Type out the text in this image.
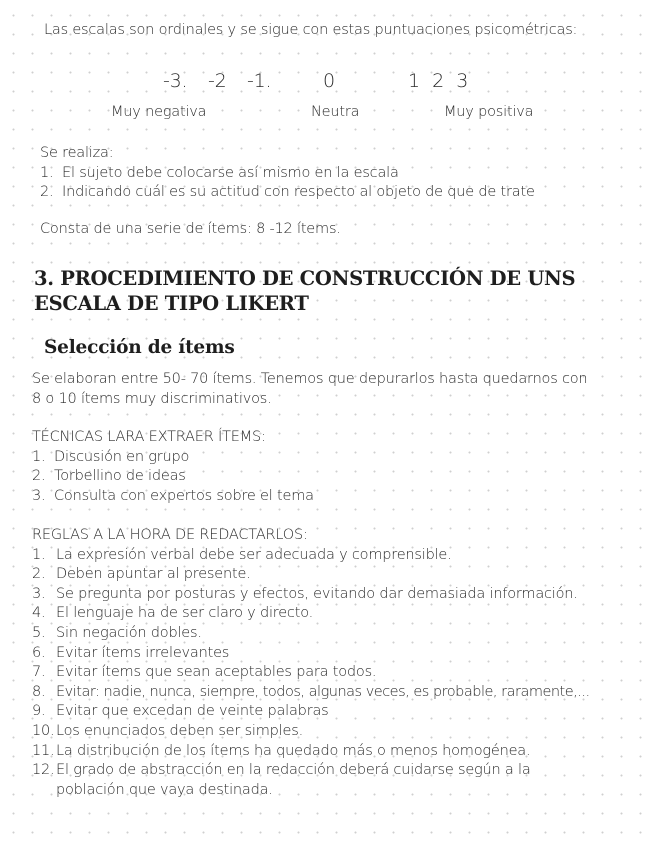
Las escalas son ordinales y se sigue con estas puntuaciones psicométricas:
-3. -2 -1.	0	1 2 3
Muy negativa	Neutra	Muy positiva
Se realiza:
1. El sujeto debe colocarse así mismo en la escala
2. Indicando cuál es su actitud con respecto al objeto de que de trate
Consta de una serie de ítems: 8 -12 ítems.
3. PROCEDIMIENTO DE CONSTRUCCIÓN DE UNS ESCALA DE TIPO LIKERT
Selección de ítems
Se elaboran entre 50- 70 ítems. Tenemos que depurarlos hasta quedarnos con
8 o 10 ítems muy discriminativos.
TÉCNICAS LARA EXTRAER ÍTEMS:
1. Discusión en grupo
2. Torbellino de ideas
3. Consulta con expertos sobre el tema
REGLAS A LA HORA DE REDACTARLOS:
1. La expresión verbal debe ser adecuada y comprensible.
2. Deben apuntar al presente.
3. Se pregunta por posturas y efectos, evitando dar demasiada información.
4. El lenguaje ha de ser claro y directo.
5. Sin negación dobles.
6. Evitar ítems irrelevantes
7. Evitar ítems que sean aceptables para todos.
8. Evitar: nadie, nunca, siempre, todos, algunas veces, es probable, raramente,...
9. Evitar que excedan de veinte palabras
10. Los enunciados deben ser simples.
11. La distribución de los ítems ha quedado más o menos homogénea.
12. El grado de abstracción en la redacción deberá cuidarse según a la
población que vaya destinada.
